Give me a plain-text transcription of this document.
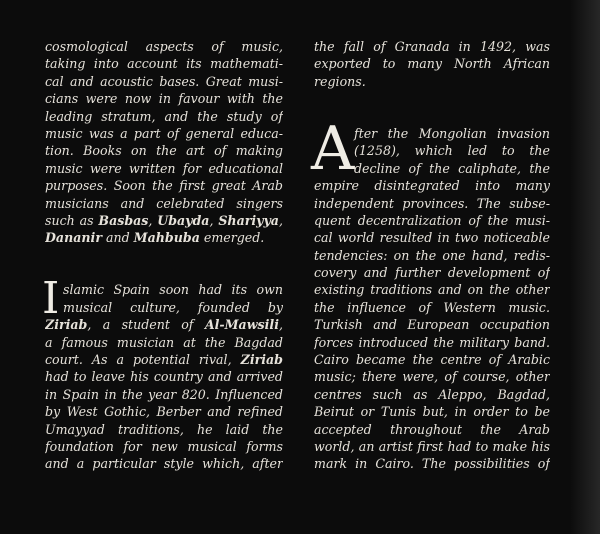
cosmological aspects of music,
taking into account its mathemati-
cal and acoustic bases. Great musi-
cians were now in favour with the
leading stratum, and the study of
music was a part of general educa-
tion. Books on the art of making
music were written for educational
purposes. Soon the first great Arab
musicians and celebrated singers
such as Basbas, Ubayda, Shariyya,
Dananir and Mahbuba emerged.
I slamic Spain soon had its own
musical culture, founded by
Ziriab, a student of Al-Mawsili,
a famous musician at the Bagdad
court. As a potential rival, Ziriab
had to leave his country and arrived
in Spain in the year 820. Influenced
by West Gothic, Berber and refined
Umayyad traditions, he laid the
foundation for new musical forms
and a particular style which, after
the fall of Granada in 1492, was
exported to many North African
regions.
A fter the Mongolian invasion
(1258), which led to the
decline of the caliphate, the
empire disintegrated into many
independent provinces. The subse-
quent decentralization of the musi-
cal world resulted in two noticeable
tendencies: on the one hand, redis-
covery and further development of
existing traditions and on the other
the influence of Western music.
Turkish and European occupation
forces introduced the military band.
Cairo became the centre of Arabic
music; there were, of course, other
centres such as Aleppo, Bagdad,
Beirut or Tunis but, in order to be
accepted throughout the Arab
world, an artist first had to make his
mark in Cairo. The possibilities of
